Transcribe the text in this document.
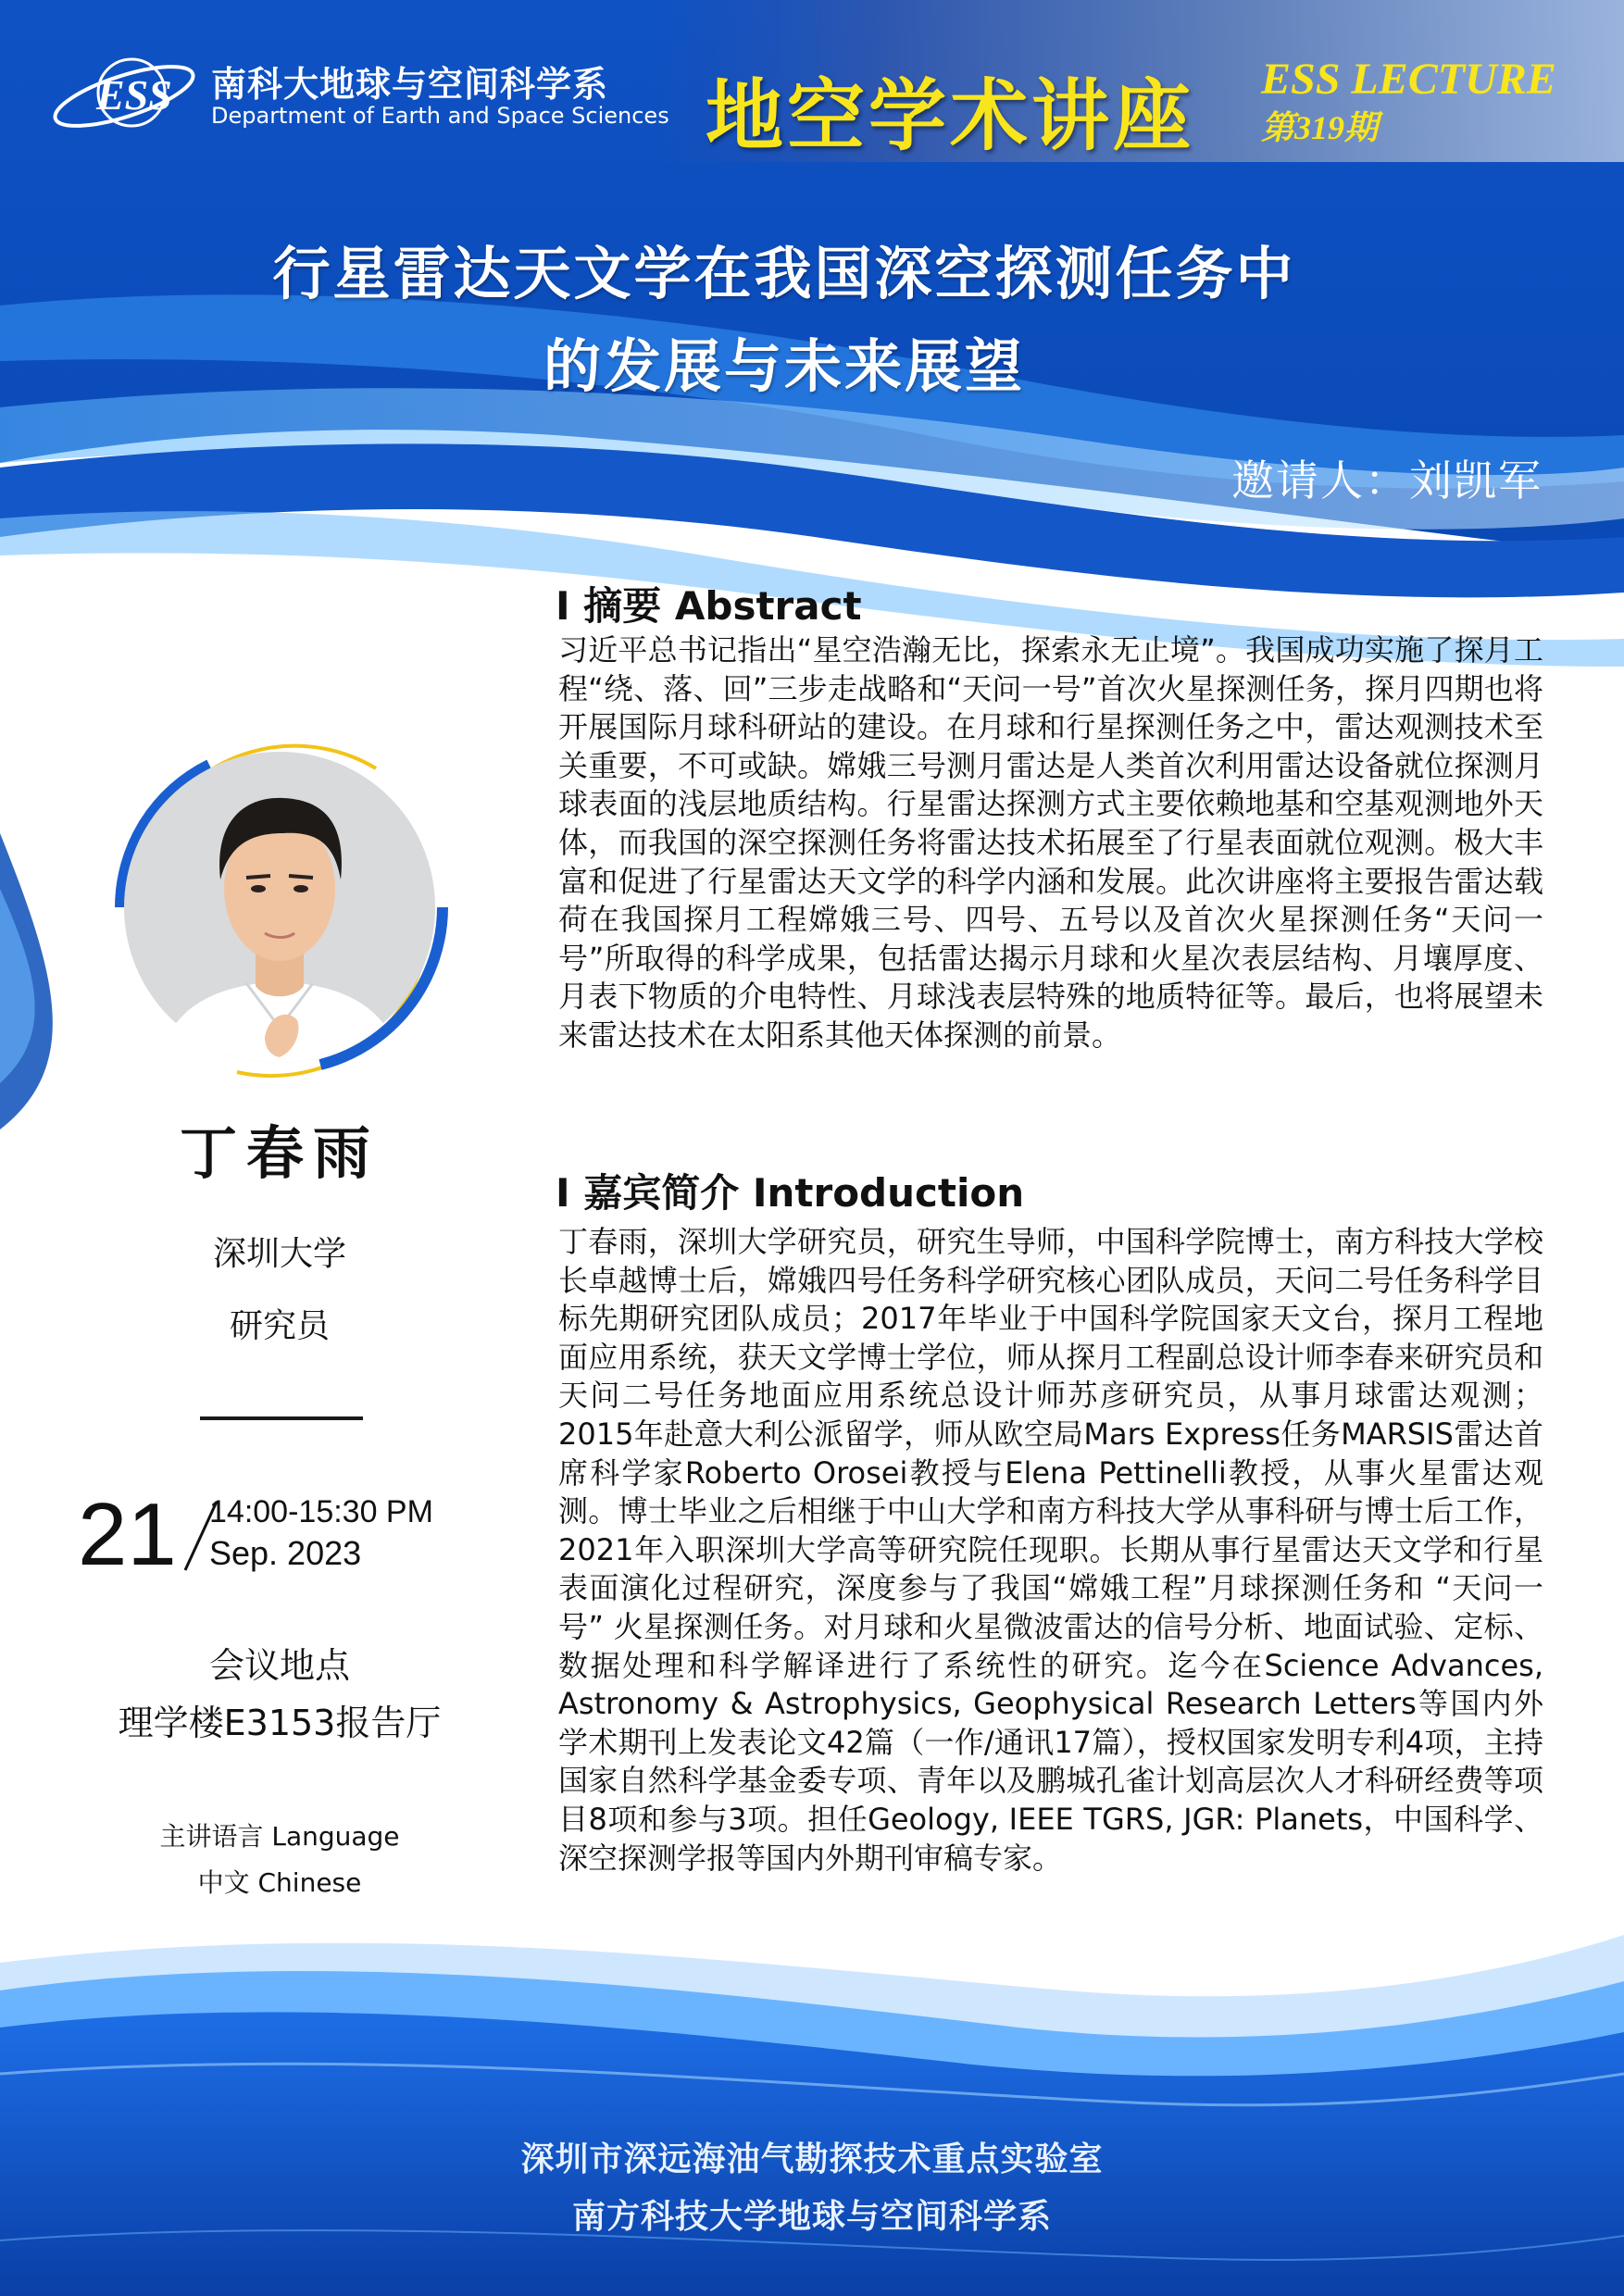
ESS 南科大地球与空间科学系
Department of Earth and Space Sciences 地空学术讲座 ESS LECTURE
第319期
行星雷达天文学在我国深空探测任务中
的发展与未来展望
邀请人：刘凯军
丁春雨
深圳大学
研究员
21 14:00-15:30 PM
Sep. 2023
会议地点
理学楼E3153报告厅
主讲语言 Language
中文 Chinese
I 摘要 Abstract
习近平总书记指出“星空浩瀚无比，探索永无止境”。我国成功实施了探月工程“绕、落、回”三步走战略和“天问一号”首次火星探测任务，探月四期也将开展国际月球科研站的建设。在月球和行星探测任务之中，雷达观测技术至关重要，不可或缺。嫦娥三号测月雷达是人类首次利用雷达设备就位探测月球表面的浅层地质结构。行星雷达探测方式主要依赖地基和空基观测地外天体，而我国的深空探测任务将雷达技术拓展至了行星表面就位观测。极大丰富和促进了行星雷达天文学的科学内涵和发展。此次讲座将主要报告雷达载荷在我国探月工程嫦娥三号、四号、五号以及首次火星探测任务“天问一号”所取得的科学成果，包括雷达揭示月球和火星次表层结构、月壤厚度、月表下物质的介电特性、月球浅表层特殊的地质特征等。最后，也将展望未来雷达技术在太阳系其他天体探测的前景。
I 嘉宾简介 Introduction
丁春雨，深圳大学研究员，研究生导师，中国科学院博士，南方科技大学校长卓越博士后，嫦娥四号任务科学研究核心团队成员，天问二号任务科学目标先期研究团队成员；2017年毕业于中国科学院国家天文台，探月工程地面应用系统，获天文学博士学位，师从探月工程副总设计师李春来研究员和天问二号任务地面应用系统总设计师苏彦研究员，从事月球雷达观测；2015年赴意大利公派留学，师从欧空局Mars Express任务MARSIS雷达首席科学家Roberto Orosei教授与Elena Pettinelli教授，从事火星雷达观测。博士毕业之后相继于中山大学和南方科技大学从事科研与博士后工作，2021年入职深圳大学高等研究院任现职。长期从事行星雷达天文学和行星表面演化过程研究，深度参与了我国“嫦娥工程”月球探测任务和 “天问一号” 火星探测任务。对月球和火星微波雷达的信号分析、地面试验、定标、数据处理和科学解译进行了系统性的研究。迄今在Science Advances, Astronomy & Astrophysics, Geophysical Research Letters等国内外学术期刊上发表论文42篇（一作/通讯17篇），授权国家发明专利4项，主持国家自然科学基金委专项、青年以及鹏城孔雀计划高层次人才科研经费等项目8项和参与3项。担任Geology, IEEE TGRS, JGR: Planets，中国科学、深空探测学报等国内外期刊审稿专家。
深圳市深远海油气勘探技术重点实验室
南方科技大学地球与空间科学系
